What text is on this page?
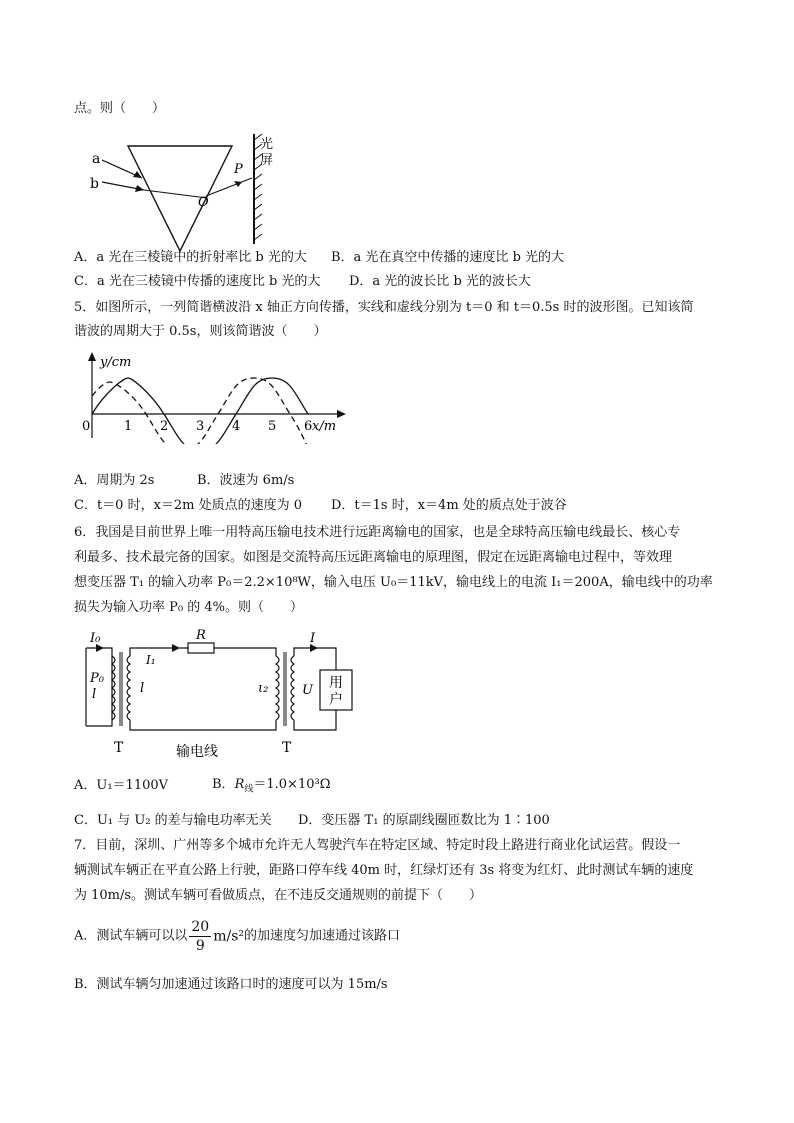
点。则（　　）
a
b
O
P
光
屏
A．a 光在三棱镜中的折射率比 b 光的大 B．a 光在真空中传播的速度比 b 光的大
C．a 光在三棱镜中传播的速度比 b 光的大 D．a 光的波长比 b 光的波长大
5．如图所示，一列简谐横波沿 x 轴正方向传播，实线和虚线分别为 t＝0 和 t＝0.5s 时的波形图。已知该简
谐波的周期大于 0.5s，则该简谐波（　　）
y/cm
x/m
0	1 2 3 4 5 6
A．周期为 2s	B．波速为 6m/s
C．t＝0 时，x＝2m 处质点的速度为 0 D．t＝1s 时，x＝4m 处的质点处于波谷
6．我国是目前世界上唯一用特高压输电技术进行远距离输电的国家，也是全球特高压输电线最长、核心专
利最多、技术最完备的国家。如图是交流特高压远距离输电的原理图，假定在远距离输电过程中，等效理
想变压器 T₁ 的输入功率 P₀＝2.2×10⁸W，输入电压 U₀＝11kV，输电线上的电流 I₁＝200A，输电线中的功率
损失为输入功率 P₀ 的 4%。则（　　）
I₀
P₀
l	l
I₁
R
ι₂
I
U 用
户
T	输电线	T
A．U₁＝1100V	B．$R_线=1.0\times 10^3\Omega$
C．U₁ 与 U₂ 的差与输电功率无关 D．变压器 T₁ 的原副线圈匝数比为 1∶100
7．目前，深圳、广州等多个城市允许无人驾驶汽车在特定区域、特定时段上路进行商业化试运营。假设一
辆测试车辆正在平直公路上行驶，距路口停车线 40m 时，红绿灯还有 3s 将变为红灯、此时测试车辆的速度
为 10m/s。测试车辆可看做质点，在不违反交通规则的前提下（　　）
A．测试车辆可以以 $\frac{20}{9} m/s^2$的加速度匀加速通过该路口
B．测试车辆匀加速通过该路口时的速度可以为 15m/s
